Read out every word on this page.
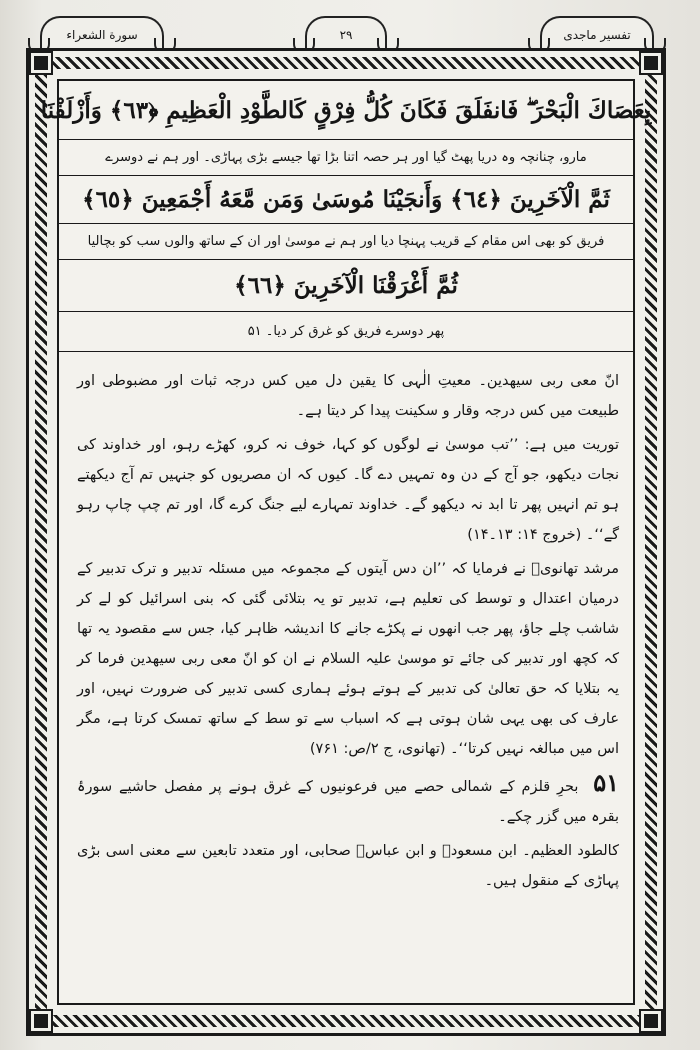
سورة الشعراء	٢٩	تفسیر ماجدی
بِعَصَاكَ الْبَحْرَ ۖ فَانفَلَقَ فَكَانَ كُلُّ فِرْقٍ كَالطَّوْدِ الْعَظِيمِ ﴿٦٣﴾ وَأَزْلَفْنَا
مارو، چنانچہ وہ دریا پھٹ گیا اور ہر حصہ اتنا بڑا تھا جیسے بڑی پہاڑی۔ اور ہم نے دوسرے
ثَمَّ الْآخَرِينَ ﴿٦٤﴾ وَأَنجَيْنَا مُوسَىٰ وَمَن مَّعَهُ أَجْمَعِينَ ﴿٦٥﴾
فریق کو بھی اس مقام کے قریب پہنچا دیا اور ہم نے موسیٰ اور ان کے ساتھ والوں سب کو بچالیا
ثُمَّ أَغْرَقْنَا الْآخَرِينَ ﴿٦٦﴾
پھر دوسرے فریق کو غرق کر دیا۔ ۵۱

انّ معی ربی سیھدین۔ معیتِ الٰہی کا یقین دل میں کس درجہ ثبات اور مضبوطی اور طبیعت میں کس درجہ وقار و سکینت پیدا کر دیتا ہے۔

توریت میں ہے: ’’تب موسیٰ نے لوگوں کو کہا، خوف نہ کرو، کھڑے رہو، اور خداوند کی نجات دیکھو، جو آج کے دن وہ تمہیں دے گا۔ کیوں کہ ان مصریوں کو جنہیں تم آج دیکھتے ہو تم انہیں پھر تا ابد نہ دیکھو گے۔ خداوند تمہارے لیے جنگ کرے گا، اور تم چپ چاپ رہو گے‘‘۔ (خروج ۱۴: ۱۳۔۱۴)

مرشد تھانویؒ نے فرمایا کہ ’’ان دس آیتوں کے مجموعہ میں مسئلہ تدبیر و ترک تدبیر کے درمیان اعتدال و توسط کی تعلیم ہے، تدبیر تو یہ بتلائی گئی کہ بنی اسرائیل کو لے کر شاشب چلے جاؤ، پھر جب انھوں نے پکڑے جانے کا اندیشہ ظاہر کیا، جس سے مقصود یہ تھا کہ کچھ اور تدبیر کی جائے تو موسیٰ علیہ السلام نے ان کو انّ معی ربی سیھدین فرما کر یہ بتلایا کہ حق تعالیٰ کی تدبیر کے ہوتے ہوئے ہماری کسی تدبیر کی ضرورت نہیں، اور عارف کی بھی یہی شان ہوتی ہے کہ اسباب سے تو سط کے ساتھ تمسک کرتا ہے، مگر اس میں مبالغہ نہیں کرتا‘‘۔ (تھانوی، ج ۲/ص: ۷۶۱)

۵۱ بحرِ قلزم کے شمالی حصے میں فرعونیوں کے غرق ہونے پر مفصل حاشیے سورۂ بقرہ میں گزر چکے۔

کالطود العظیم۔ ابن مسعودؓ و ابن عباسؓ صحابی، اور متعدد تابعین سے معنی اسی بڑی پہاڑی کے منقول ہیں۔
